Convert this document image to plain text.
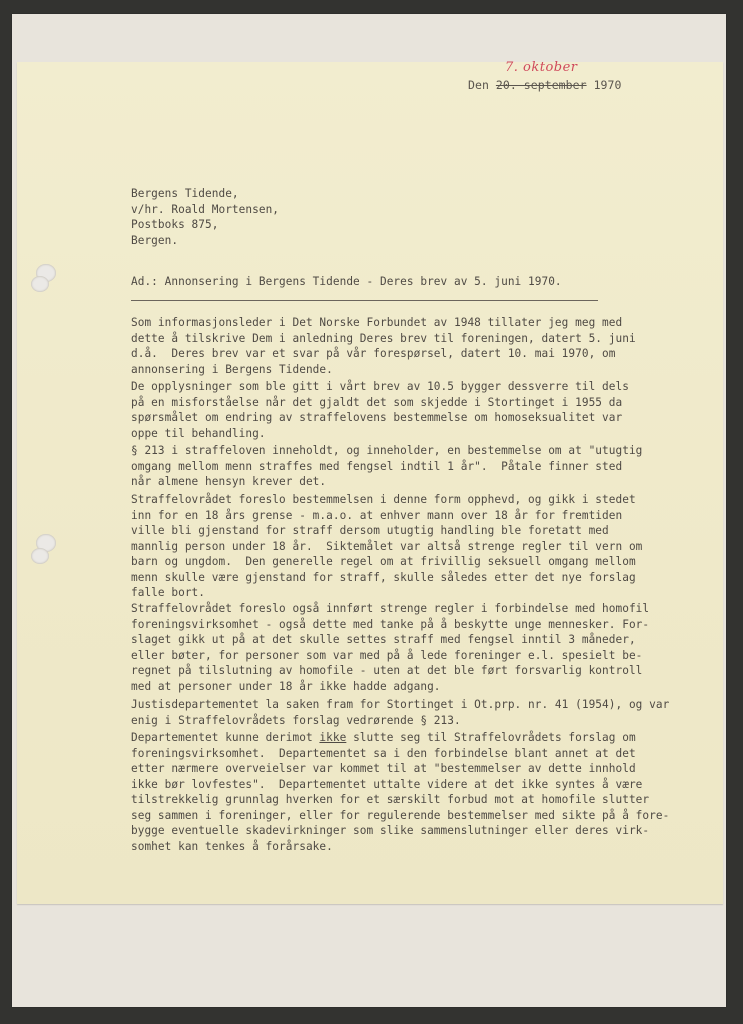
7. oktober
Den 20. september 1970
Bergens Tidende,
v/hr. Roald Mortensen,
Postboks 875,
Bergen.
Ad.: Annonsering i Bergens Tidende - Deres brev av 5. juni 1970.
Som informasjonsleder i Det Norske Forbundet av 1948 tillater jeg meg med
dette å tilskrive Dem i anledning Deres brev til foreningen, datert 5. juni
d.å.  Deres brev var et svar på vår forespørsel, datert 10. mai 1970, om
annonsering i Bergens Tidende.
De opplysninger som ble gitt i vårt brev av 10.5 bygger dessverre til dels
på en misforståelse når det gjaldt det som skjedde i Stortinget i 1955 da
spørsmålet om endring av straffelovens bestemmelse om homoseksualitet var
oppe til behandling.
§ 213 i straffeloven inneholdt, og inneholder, en bestemmelse om at "utugtig
omgang mellom menn straffes med fengsel indtil 1 år".  Påtale finner sted
når almene hensyn krever det.
Straffelovrådet foreslo bestemmelsen i denne form opphevd, og gikk i stedet
inn for en 18 års grense - m.a.o. at enhver mann over 18 år for fremtiden
ville bli gjenstand for straff dersom utugtig handling ble foretatt med
mannlig person under 18 år.  Siktemålet var altså strenge regler til vern om
barn og ungdom.  Den generelle regel om at frivillig seksuell omgang mellom
menn skulle være gjenstand for straff, skulle således etter det nye forslag
falle bort.
Straffelovrådet foreslo også innført strenge regler i forbindelse med homofil
foreningsvirksomhet - også dette med tanke på å beskytte unge mennesker. For-
slaget gikk ut på at det skulle settes straff med fengsel inntil 3 måneder,
eller bøter, for personer som var med på å lede foreninger e.l. spesielt be-
regnet på tilslutning av homofile - uten at det ble ført forsvarlig kontroll
med at personer under 18 år ikke hadde adgang.
Justisdepartementet la saken fram for Stortinget i Ot.prp. nr. 41 (1954), og var
enig i Straffelovrådets forslag vedrørende § 213.
Departementet kunne derimot ikke slutte seg til Straffelovrådets forslag om
foreningsvirksomhet.  Departementet sa i den forbindelse blant annet at det
etter nærmere overveielser var kommet til at "bestemmelser av dette innhold
ikke bør lovfestes".  Departementet uttalte videre at det ikke syntes å være
tilstrekkelig grunnlag hverken for et særskilt forbud mot at homofile slutter
seg sammen i foreninger, eller for regulerende bestemmelser med sikte på å fore-
bygge eventuelle skadevirkninger som slike sammenslutninger eller deres virk-
somhet kan tenkes å forårsake.
